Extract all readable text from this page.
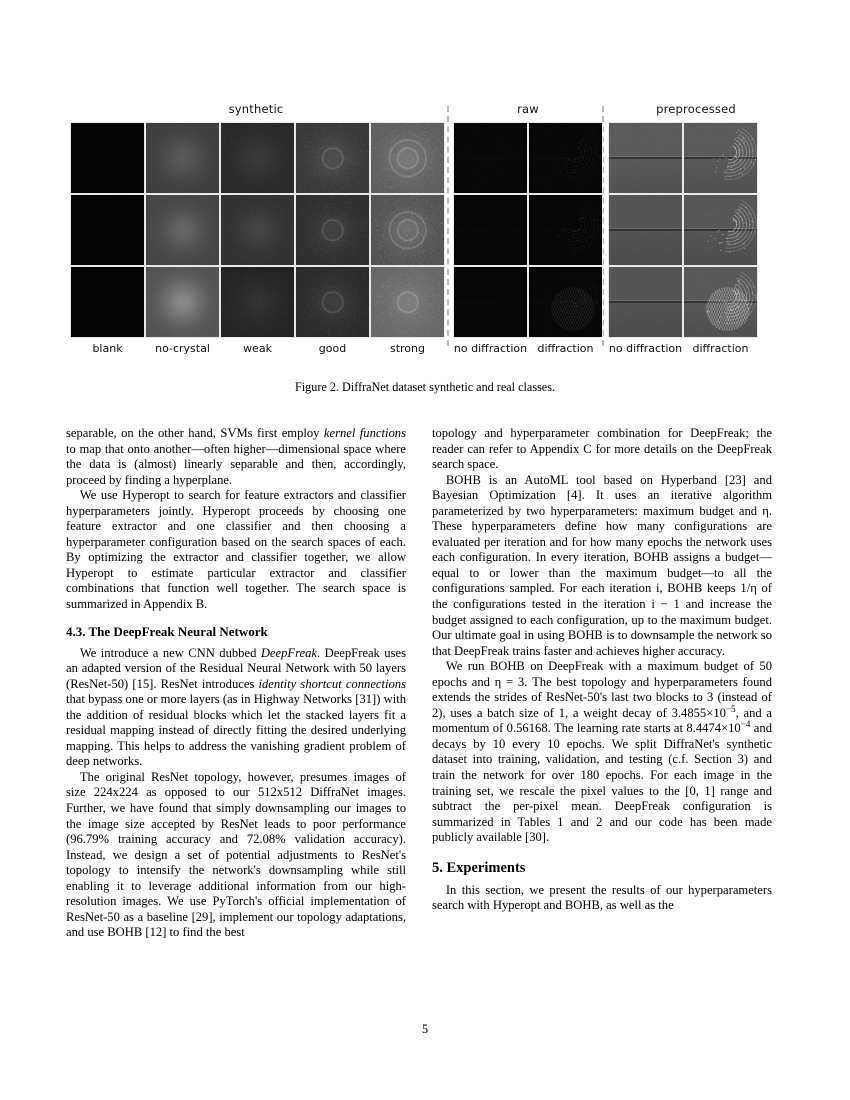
synthetic	raw	preprocessed
blank	no-crystal	weak	good	strong	no diffraction diffraction	no diffraction diffraction
Figure 2. DiffraNet dataset synthetic and real classes.

separable, on the other hand, SVMs first employ kernel functions to map that onto another—often higher—dimensional space where the data is (almost) linearly separable and then, accordingly, proceed by finding a hyperplane.

We use Hyperopt to search for feature extractors and classifier hyperparameters jointly. Hyperopt proceeds by choosing one feature extractor and one classifier and then choosing a hyperparameter configuration based on the search spaces of each. By optimizing the extractor and classifier together, we allow Hyperopt to estimate particular extractor and classifier combinations that function well together. The search space is summarized in Appendix B.

4.3. The DeepFreak Neural Network

We introduce a new CNN dubbed DeepFreak. DeepFreak uses an adapted version of the Residual Neural Network with 50 layers (ResNet-50) [15]. ResNet introduces identity shortcut connections that bypass one or more layers (as in Highway Networks [31]) with the addition of residual blocks which let the stacked layers fit a residual mapping instead of directly fitting the desired underlying mapping. This helps to address the vanishing gradient problem of deep networks.

The original ResNet topology, however, presumes images of size 224x224 as opposed to our 512x512 DiffraNet images. Further, we have found that simply downsampling our images to the image size accepted by ResNet leads to poor performance (96.79% training accuracy and 72.08% validation accuracy). Instead, we design a set of potential adjustments to ResNet's topology to intensify the network's downsampling while still enabling it to leverage additional information from our high-resolution images. We use PyTorch's official implementation of ResNet-50 as a baseline [29], implement our topology adaptations, and use BOHB [12] to find the best

topology and hyperparameter combination for DeepFreak; the reader can refer to Appendix C for more details on the DeepFreak search space.

BOHB is an AutoML tool based on Hyperband [23] and Bayesian Optimization [4]. It uses an iterative algorithm parameterized by two hyperparameters: maximum budget and η. These hyperparameters define how many configurations are evaluated per iteration and for how many epochs the network uses each configuration. In every iteration, BOHB assigns a budget—equal to or lower than the maximum budget—to all the configurations sampled. For each iteration i, BOHB keeps 1/η of the configurations tested in the iteration i − 1 and increase the budget assigned to each configuration, up to the maximum budget. Our ultimate goal in using BOHB is to downsample the network so that DeepFreak trains faster and achieves higher accuracy.

We run BOHB on DeepFreak with a maximum budget of 50 epochs and η = 3. The best topology and hyperparameters found extends the strides of ResNet-50's last two blocks to 3 (instead of 2), uses a batch size of 1, a weight decay of $3.4855\times 10^{-5}$, and a momentum of 0.56168. The learning rate starts at $8.4474\times 10^{-4}$ and decays by 10 every 10 epochs. We split DiffraNet's synthetic dataset into training, validation, and testing (c.f. Section 3) and train the network for over 180 epochs. For each image in the training set, we rescale the pixel values to the [0, 1] range and subtract the per-pixel mean. DeepFreak configuration is summarized in Tables 1 and 2 and our code has been made publicly available [30].

5. Experiments

In this section, we present the results of our hyperparameters search with Hyperopt and BOHB, as well as the

5
